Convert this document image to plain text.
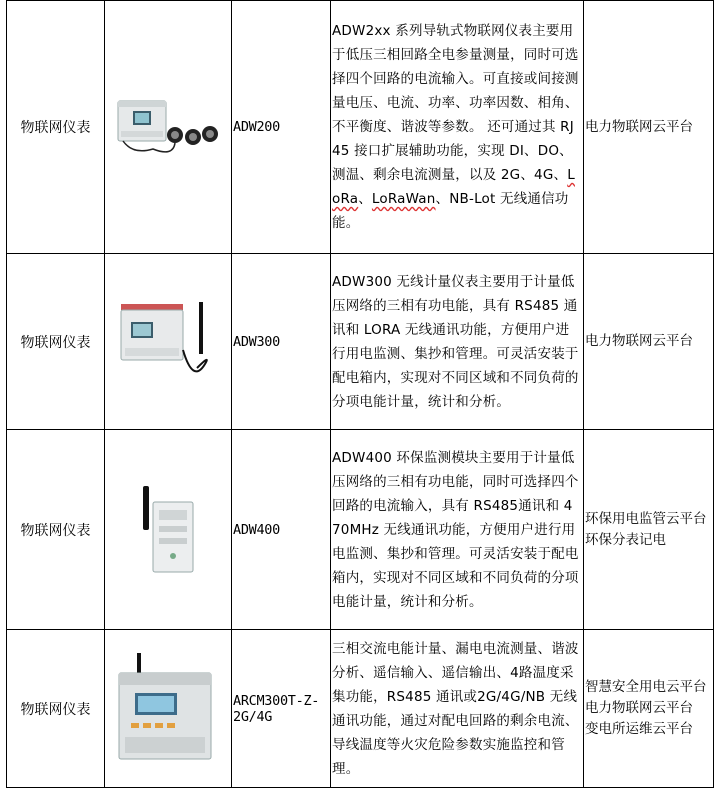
物联网仪表		ADW200	ADW2xx 系列导轨式物联网仪表主要用于低压三相回路全电参量测量，同时可选择四个回路的电流输入。可直接或间接测量电压、电流、功率、功率因数、相角、不平衡度、谐波等参数。 还可通过其 RJ45 接口扩展辅助功能，实现 DI、DO、测温、剩余电流测量，以及 2G、4G、LoRa、LoRaWan、NB-Lot 无线通信功能。	电力物联网云平台

物联网仪表		ADW300	ADW300 无线计量仪表主要用于计量低压网络的三相有功电能，具有 RS485 通讯和 LORA 无线通讯功能，方便用户进行用电监测、集抄和管理。可灵活安装于配电箱内，实现对不同区域和不同负荷的分项电能计量，统计和分析。	电力物联网云平台

物联网仪表		ADW400	ADW400 环保监测模块主要用于计量低压网络的三相有功电能，同时可选择四个回路的电流输入，具有 RS485通讯和 470MHz 无线通讯功能，方便用户进行用电监测、集抄和管理。可灵活安装于配电箱内，实现对不同区域和不同负荷的分项电能计量，统计和分析。	环保用电监管云平台
环保分表记电

物联网仪表		ARCM300T-Z-2G/4G	三相交流电能计量、漏电电流测量、谐波分析、遥信输入、遥信输出、4路温度采集功能，RS485 通讯或2G/4G/NB 无线通讯功能，通过对配电回路的剩余电流、导线温度等火灾危险参数实施监控和管理。	智慧安全用电云平台
电力物联网云平台
变电所运维云平台
